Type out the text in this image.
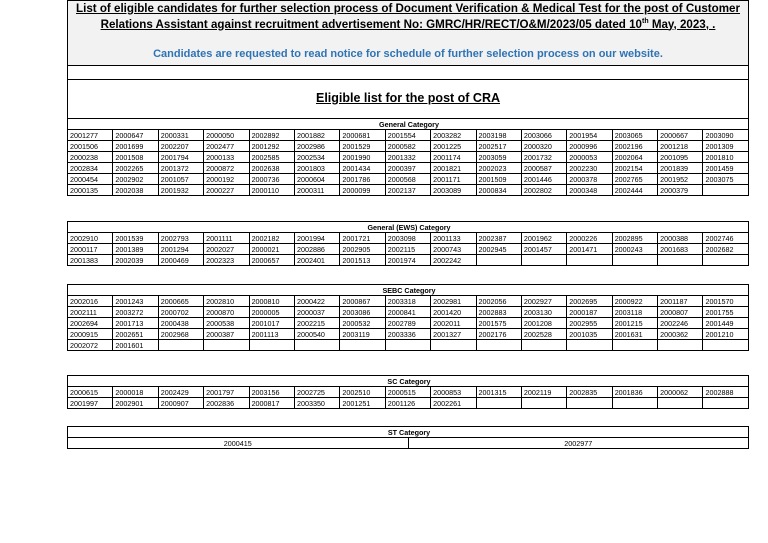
List of eligible candidates for further selection process of Document Verification & Medical Test for the post of Customer
Relations Assistant against recruitment advertisement No: GMRC/HR/RECT/O&M/2023/05 dated 10th May, 2023, .
Candidates are requested to read notice for schedule of further selection process on our website.
Eligible list for the post of CRA
General Category														
2001277	2000647	2000331	2000050	2002892	2001882	2000681	2001554	2003282	2003198	2003066	2001954	2003065	2000667	2003090
2001506	2001699	2002207	2002477	2001292	2002986	2001529	2000582	2001225	2002517	2000320	2000996	2002196	2001218	2001309
2000238	2001508	2001794	2000133	2002585	2002534	2001990	2001332	2001174	2003059	2001732	2000053	2002064	2001095	2001810
2002834	2002265	2001372	2000872	2002638	2001803	2001434	2000397	2001821	2002023	2000587	2002230	2002154	2001839	2001459
2000454	2002902	2001057	2000192	2000736	2000604	2001786	2000568	2001171	2001509	2001446	2000378	2002765	2001952	2003075
2000135	2002038	2001932	2000227	2000110	2000311	2000099	2002137	2003089	2000834	2002802	2000348	2002444	2000379	
General (EWS) Category														
2002910	2001539	2002793	2001111	2002182	2001994	2001721	2003098	2001133	2002387	2001962	2000226	2002895	2000388	2002746
2000117	2001389	2001294	2002027	2000021	2002886	2002905	2002115	2000743	2002945	2001457	2001471	2000243	2001683	2002682
2001383	2002039	2000469	2002323	2000657	2002401	2001513	2001974	2002242						
SEBC Category														
2002016	2001243	2000665	2002810	2000810	2000422	2000867	2003318	2002981	2002056	2002927	2002695	2000922	2001187	2001570
2002111	2003272	2000702	2000870	2000005	2000037	2003086	2000841	2001420	2002883	2003130	2000187	2003118	2000807	2001755
2002694	2001713	2000438	2000538	2001017	2002215	2000532	2002789	2002011	2001575	2001208	2002955	2001215	2002246	2001449
2000915	2002651	2002968	2000387	2001113	2000540	2003119	2003336	2001327	2002176	2002528	2001035	2001631	2000362	2001210
2002072	2001601													
SC Category														
2000615	2000018	2002429	2001797	2003156	2002725	2002510	2000515	2000853	2001315	2002119	2002835	2001836	2000062	2002888
2001997	2002901	2000907	2002836	2000817	2003350	2001251	2001126	2002261						
ST Category
2000415	2002977
